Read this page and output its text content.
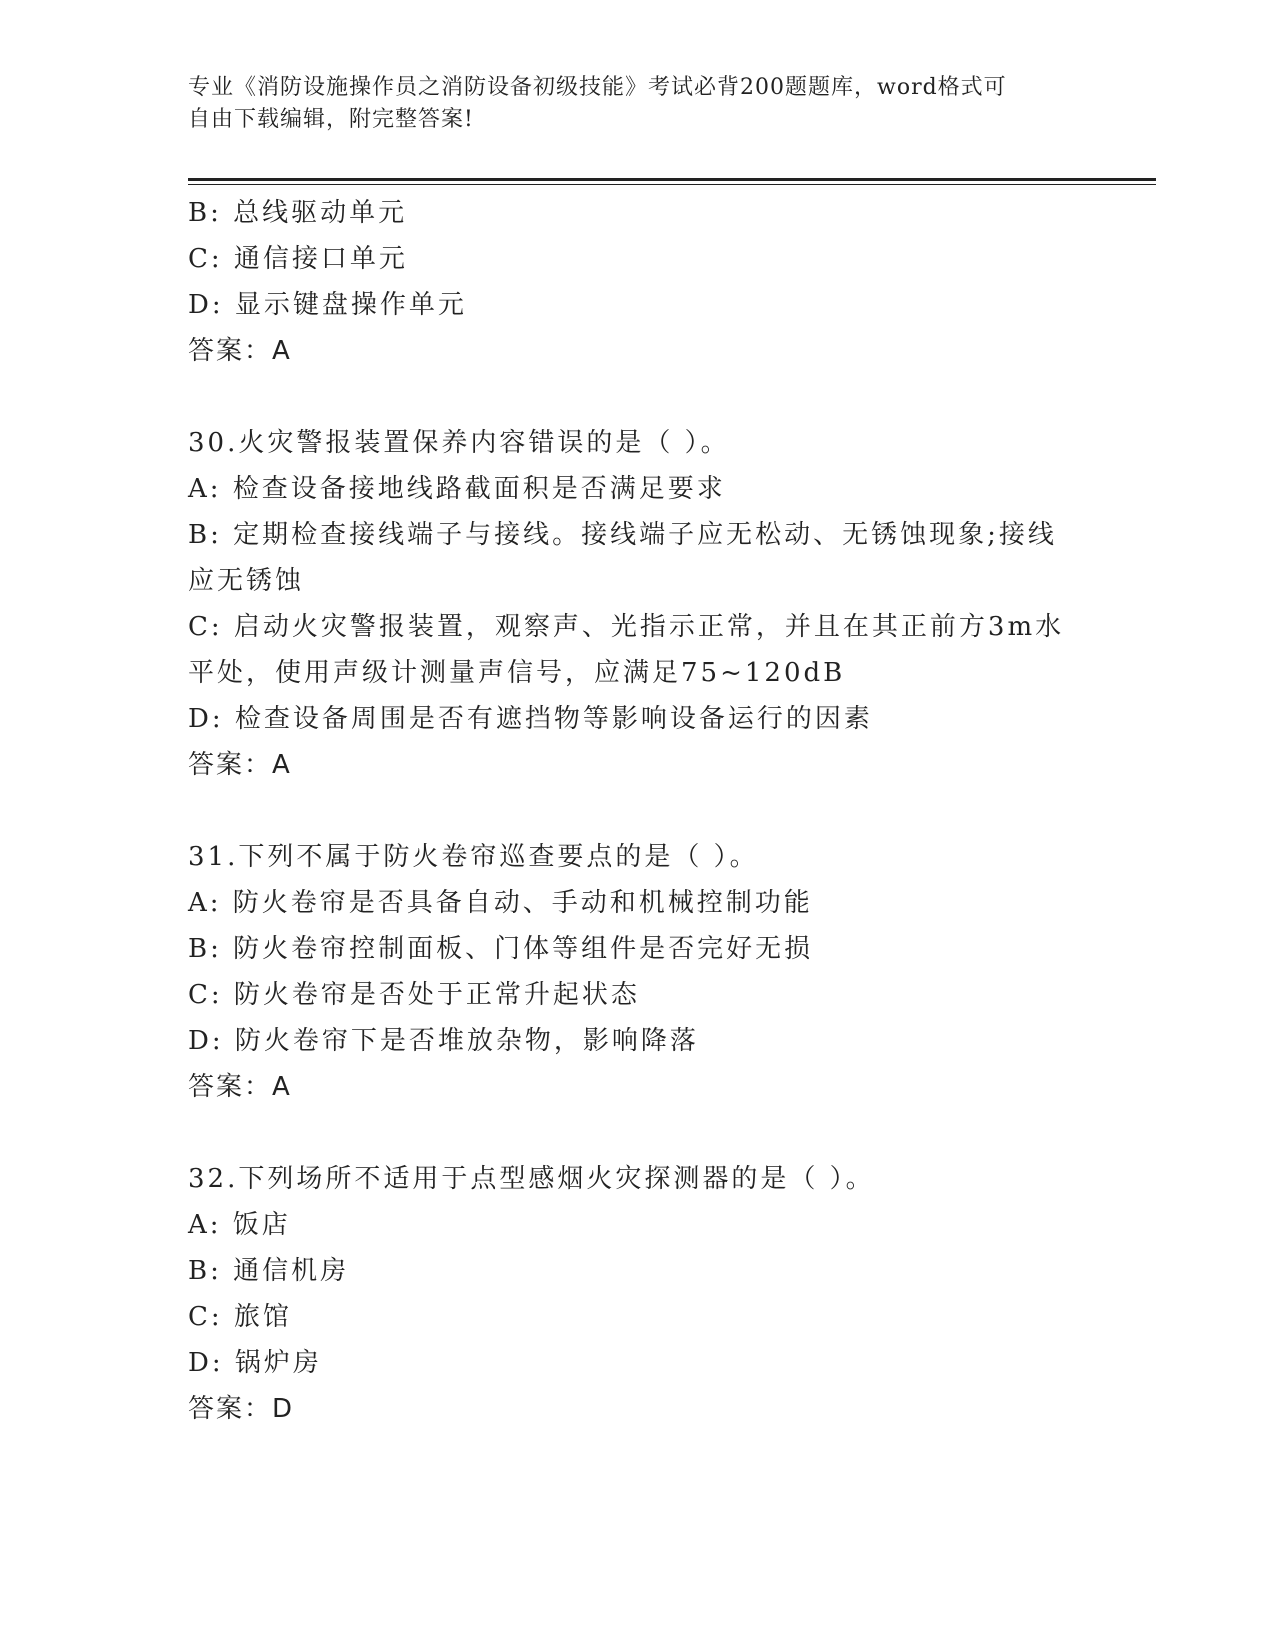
专业《消防设施操作员之消防设备初级技能》考试必背200题题库，word格式可
自由下载编辑，附完整答案!
B: 总线驱动单元
C: 通信接口单元
D: 显示键盘操作单元
答案：A
30.火灾警报装置保养内容错误的是（ ）。
A: 检查设备接地线路截面积是否满足要求
B: 定期检查接线端子与接线。接线端子应无松动、无锈蚀现象;接线
应无锈蚀
C: 启动火灾警报装置，观察声、光指示正常，并且在其正前方3m水
平处，使用声级计测量声信号，应满足75~120dB
D: 检查设备周围是否有遮挡物等影响设备运行的因素
答案：A
31.下列不属于防火卷帘巡查要点的是（ ）。
A: 防火卷帘是否具备自动、手动和机械控制功能
B: 防火卷帘控制面板、门体等组件是否完好无损
C: 防火卷帘是否处于正常升起状态
D: 防火卷帘下是否堆放杂物，影响降落
答案：A
32.下列场所不适用于点型感烟火灾探测器的是（ ）。
A: 饭店
B: 通信机房
C: 旅馆
D: 锅炉房
答案：D
